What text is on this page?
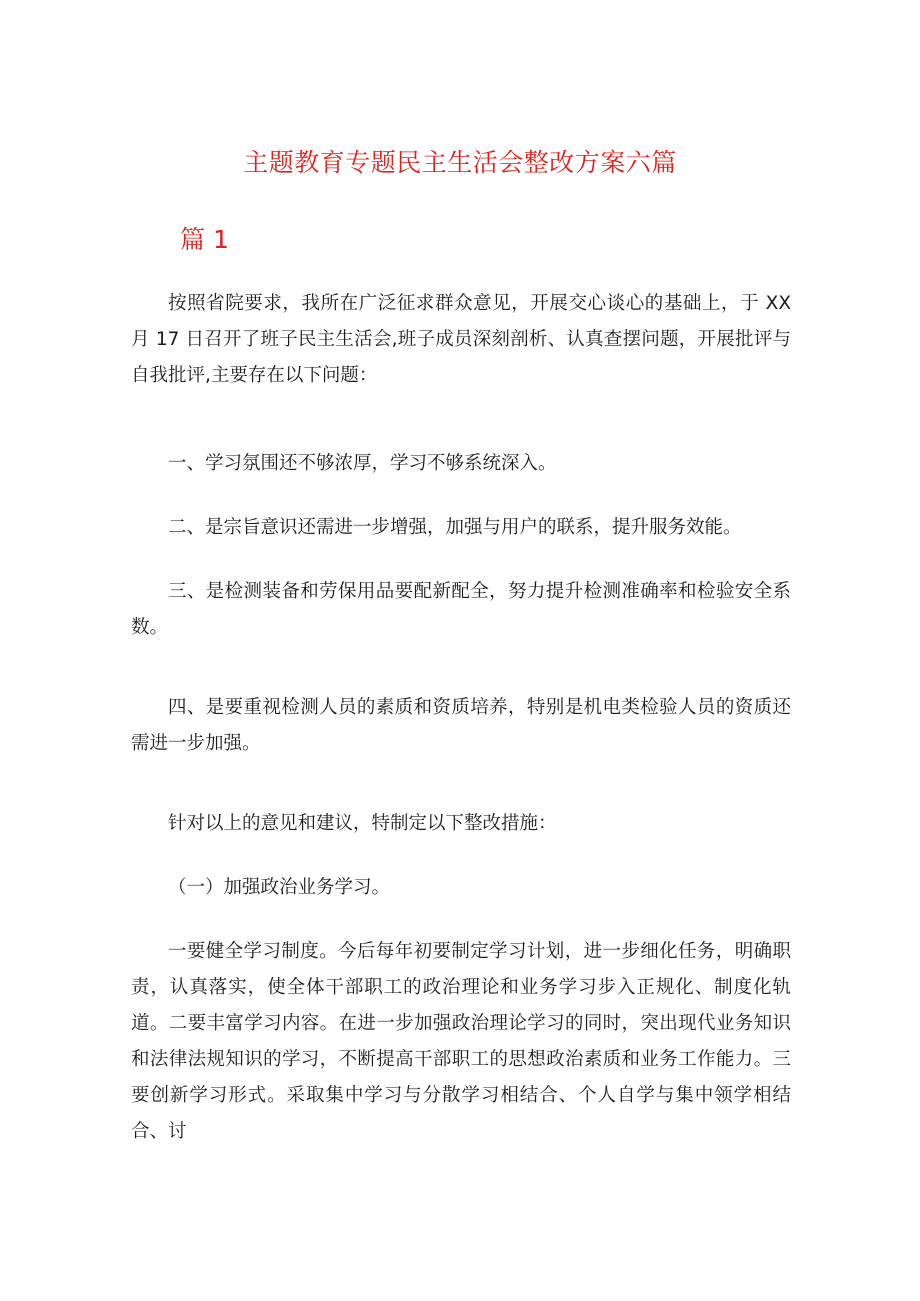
主题教育专题民主生活会整改方案六篇
篇 1

按照省院要求，我所在广泛征求群众意见，开展交心谈心的基础上，于 XX 月 17 日召开了班子民主生活会,班子成员深刻剖析、认真查摆问题，开展批评与自我批评,主要存在以下问题：

一、学习氛围还不够浓厚，学习不够系统深入。

二、是宗旨意识还需进一步增强，加强与用户的联系，提升服务效能。

三、是检测装备和劳保用品要配新配全，努力提升检测准确率和检验安全系数。

四、是要重视检测人员的素质和资质培养，特别是机电类检验人员的资质还需进一步加强。

针对以上的意见和建议，特制定以下整改措施：

（一）加强政治业务学习。

一要健全学习制度。今后每年初要制定学习计划，进一步细化任务，明确职责，认真落实，使全体干部职工的政治理论和业务学习步入正规化、制度化轨道。二要丰富学习内容。在进一步加强政治理论学习的同时，突出现代业务知识和法律法规知识的学习，不断提高干部职工的思想政治素质和业务工作能力。三要创新学习形式。采取集中学习与分散学习相结合、个人自学与集中领学相结合、讨
